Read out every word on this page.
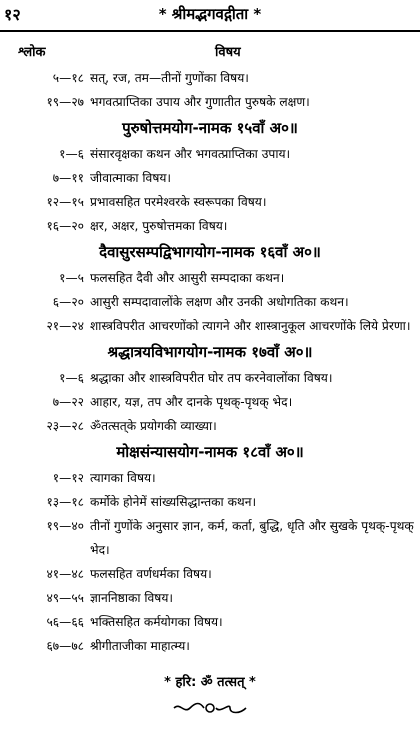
१२	* श्रीमद्भगवद्गीता *
श्लोक	विषय
५—१८ सत्, रज, तम—तीनों गुणोंका विषय।
१९—२७ भगवत्प्राप्तिका उपाय और गुणातीत पुरुषके लक्षण।
पुरुषोत्तमयोग-नामक १५वाँ अ०॥
१—६ संसारवृक्षका कथन और भगवत्प्राप्तिका उपाय।
७—११ जीवात्माका विषय।
१२—१५ प्रभावसहित परमेश्वरके स्वरूपका विषय।
१६—२० क्षर, अक्षर, पुरुषोत्तमका विषय।
दैवासुरसम्पद्विभागयोग-नामक १६वाँ अ०॥
१—५ फलसहित दैवी और आसुरी सम्पदाका कथन।
६—२० आसुरी सम्पदावालोंके लक्षण और उनकी अधोगतिका कथन।
२१—२४ शास्त्रविपरीत आचरणोंको त्यागने और शास्त्रानुकूल आचरणोंके लिये प्रेरणा।
श्रद्धात्रयविभागयोग-नामक १७वाँ अ०॥
१—६ श्रद्धाका और शास्त्रविपरीत घोर तप करनेवालोंका विषय।
७—२२ आहार, यज्ञ, तप और दानके पृथक्-पृथक् भेद।
२३—२८ ॐतत्सत्‌के प्रयोगकी व्याख्या।
मोक्षसंन्यासयोग-नामक १८वाँ अ०॥
१—१२ त्यागका विषय।
१३—१८ कर्मोके होनेमें सांख्यसिद्धान्तका कथन।
१९—४० तीनों गुणोंके अनुसार ज्ञान, कर्म, कर्ता, बुद्धि, धृति और सुखके पृथक्-पृथक् भेद।
४१—४८ फलसहित वर्णधर्मका विषय।
४९—५५ ज्ञाननिष्ठाका विषय।
५६—६६ भक्तिसहित कर्मयोगका विषय।
६७—७८ श्रीगीताजीका माहात्म्य।
* हरि: ॐ तत्सत् *
